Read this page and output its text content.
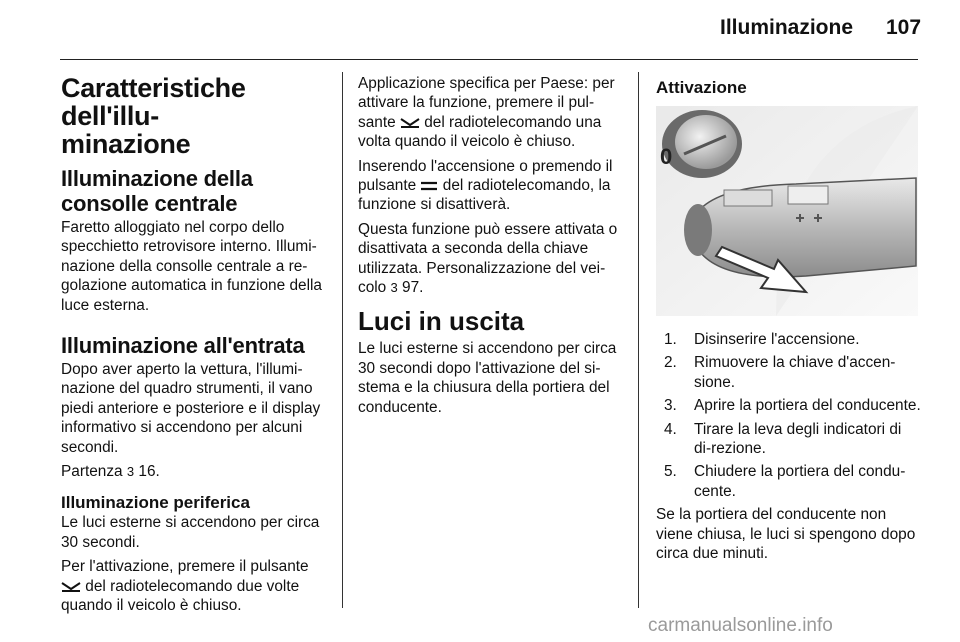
Illuminazione 107
Caratteristiche dell'illu-
minazione
Illuminazione della
consolle centrale

Faretto alloggiato nel corpo dello specchietto retrovisore interno. Illumi-nazione della consolle centrale a re-golazione automatica in funzione della luce esterna.

Illuminazione all'entrata

Dopo aver aperto la vettura, l'illumi-nazione del quadro strumenti, il vano piedi anteriore e posteriore e il display informativo si accendono per alcuni secondi.

Partenza 3 16.

Illuminazione periferica

Le luci esterne si accendono per circa 30 secondi.

Per l'attivazione, premere il pulsante  del radiotelecomando due volte quando il veicolo è chiuso.

Applicazione specifica per Paese: per attivare la funzione, premere il pul-sante del radiotelecomando una volta quando il veicolo è chiuso.

Inserendo l'accensione o premendo il pulsante del radiotelecomando, la funzione si disattiverà.

Questa funzione può essere attivata o disattivata a seconda della chiave utilizzata. Personalizzazione del vei-colo 3 97.

Luci in uscita

Le luci esterne si accendono per circa 30 secondi dopo l'attivazione del si-stema e la chiusura della portiera del conducente.

Attivazione
0
1. Disinserire l'accensione.
2. Rimuovere la chiave d'accen-sione.
3. Aprire la portiera del conducente.
4. Tirare la leva degli indicatori di di-rezione.
5. Chiudere la portiera del condu-cente.

Se la portiera del conducente non viene chiusa, le luci si spengono dopo circa due minuti.

carmanualsonline.info
